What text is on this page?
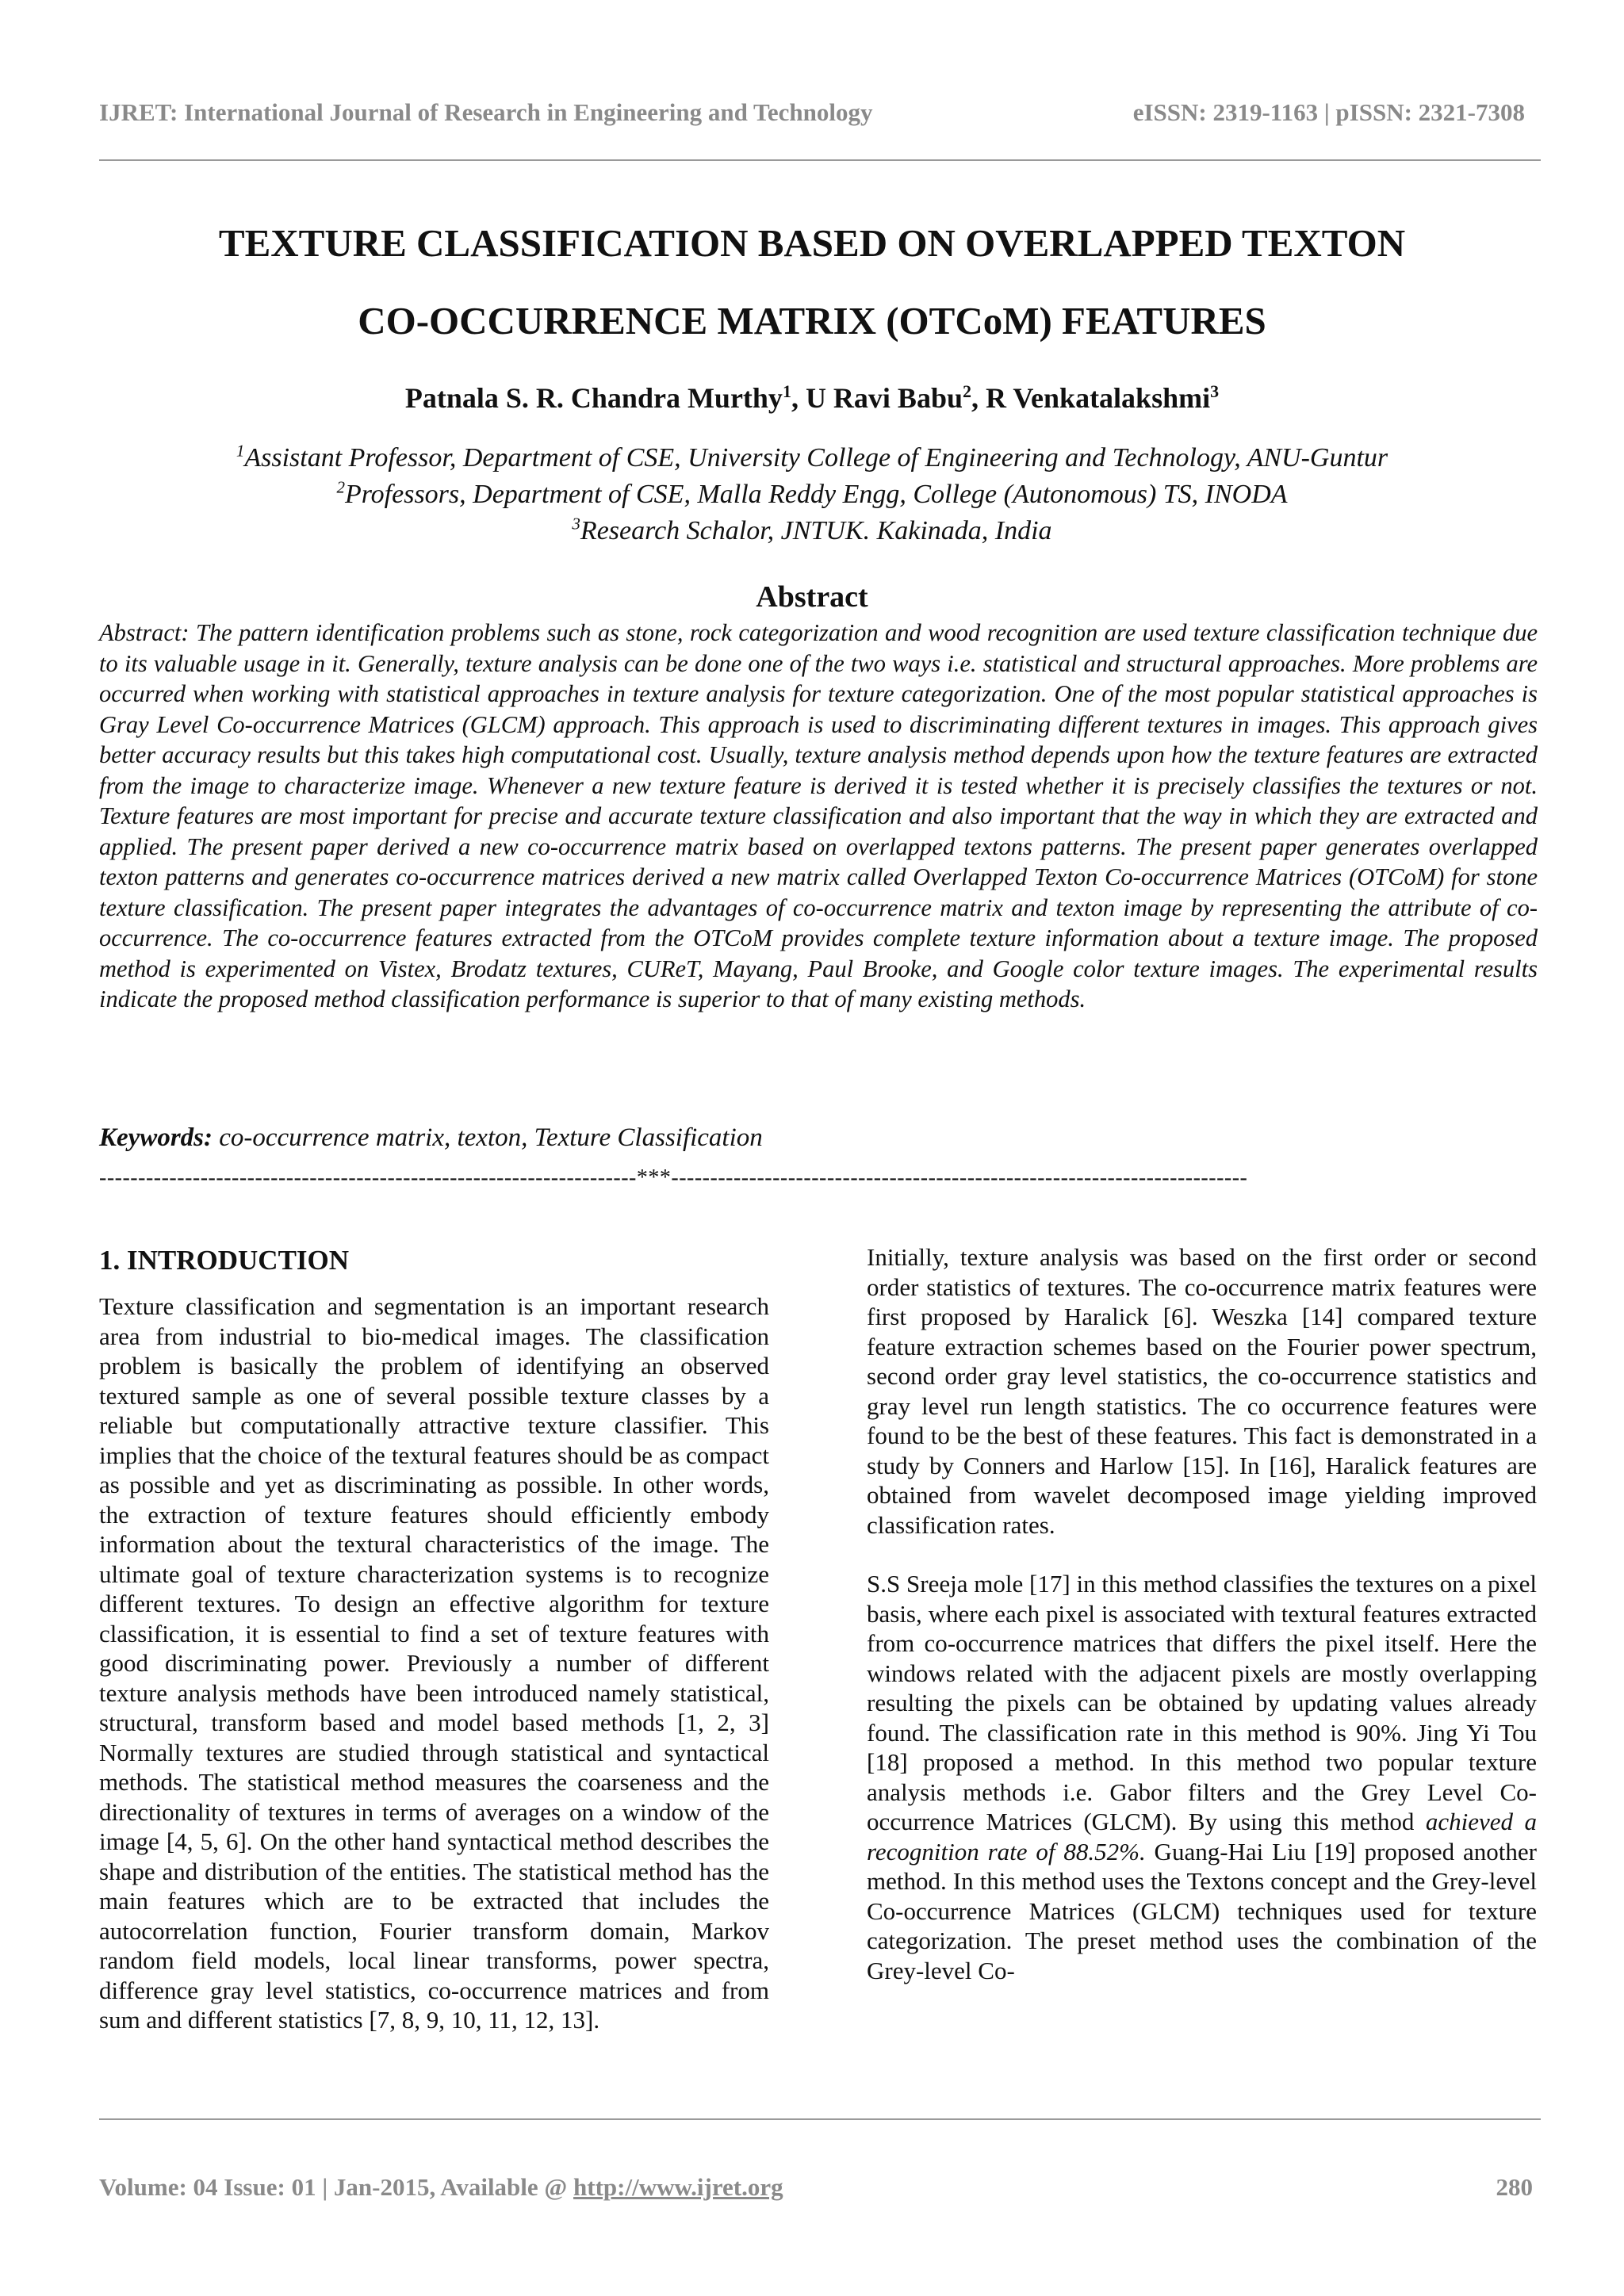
IJRET: International Journal of Research in Engineering and Technology	eISSN: 2319-1163 | pISSN: 2321-7308
TEXTURE CLASSIFICATION BASED ON OVERLAPPED TEXTON
CO-OCCURRENCE MATRIX (OTCoM) FEATURES
Patnala S. R. Chandra Murthy$^1$, U Ravi Babu$^2$, R Venkatalakshmi$^3$
$^1$Assistant Professor, Department of CSE, University College of Engineering and Technology, ANU-Guntur
$^2$Professors, Department of CSE, Malla Reddy Engg, College (Autonomous) TS, INODA
$^3$Research Schalor, JNTUK. Kakinada, India
Abstract
Abstract: The pattern identification problems such as stone, rock categorization and wood recognition are used texture classification technique due to its valuable usage in it. Generally, texture analysis can be done one of the two ways i.e. statistical and structural approaches. More problems are occurred when working with statistical approaches in texture analysis for texture categorization. One of the most popular statistical approaches is Gray Level Co-occurrence Matrices (GLCM) approach. This approach is used to discriminating different textures in images. This approach gives better accuracy results but this takes high computational cost. Usually, texture analysis method depends upon how the texture features are extracted from the image to characterize image. Whenever a new texture feature is derived it is tested whether it is precisely classifies the textures or not. Texture features are most important for precise and accurate texture classification and also important that the way in which they are extracted and applied. The present paper derived a new co-occurrence matrix based on overlapped textons patterns. The present paper generates overlapped texton patterns and generates co-occurrence matrices derived a new matrix called Overlapped Texton Co-occurrence Matrices (OTCoM) for stone texture classification. The present paper integrates the advantages of co-occurrence matrix and texton image by representing the attribute of co-occurrence. The co-occurrence features extracted from the OTCoM provides complete texture information about a texture image. The proposed method is experimented on Vistex, Brodatz textures, CUReT, Mayang, Paul Brooke, and Google color texture images. The experimental results indicate the proposed method classification performance is superior to that of many existing methods.
Keywords: co-occurrence matrix, texton, Texture Classification
---------------------------------------------------------------------***--------------------------------------------------------------------------
1. INTRODUCTION

Texture classification and segmentation is an important research area from industrial to bio-medical images. The classification problem is basically the problem of identifying an observed textured sample as one of several possible texture classes by a reliable but computationally attractive texture classifier. This implies that the choice of the textural features should be as compact as possible and yet as discriminating as possible. In other words, the extraction of texture features should efficiently embody information about the textural characteristics of the image. The ultimate goal of texture characterization systems is to recognize different textures. To design an effective algorithm for texture classification, it is essential to find a set of texture features with good discriminating power. Previously a number of different texture analysis methods have been introduced namely statistical, structural, transform based and model based methods [1, 2, 3] Normally textures are studied through statistical and syntactical methods. The statistical method measures the coarseness and the directionality of textures in terms of averages on a window of the image [4, 5, 6]. On the other hand syntactical method describes the shape and distribution of the entities. The statistical method has the main features which are to be extracted that includes the autocorrelation function, Fourier transform domain, Markov random field models, local linear transforms, power spectra, difference gray level statistics, co-occurrence matrices and from sum and different statistics [7, 8, 9, 10, 11, 12, 13].

Initially, texture analysis was based on the first order or second order statistics of textures. The co-occurrence matrix features were first proposed by Haralick [6]. Weszka [14] compared texture feature extraction schemes based on the Fourier power spectrum, second order gray level statistics, the co-occurrence statistics and gray level run length statistics. The co occurrence features were found to be the best of these features. This fact is demonstrated in a study by Conners and Harlow [15]. In [16], Haralick features are obtained from wavelet decomposed image yielding improved classification rates.

S.S Sreeja mole [17] in this method classifies the textures on a pixel basis, where each pixel is associated with textural features extracted from co-occurrence matrices that differs the pixel itself. Here the windows related with the adjacent pixels are mostly overlapping resulting the pixels can be obtained by updating values already found. The classification rate in this method is 90%. Jing Yi Tou [18] proposed a method. In this method two popular texture analysis methods i.e. Gabor filters and the Grey Level Co-occurrence Matrices (GLCM). By using this method achieved a recognition rate of 88.52%. Guang-Hai Liu [19] proposed another method. In this method uses the Textons concept and the Grey-level Co-occurrence Matrices (GLCM) techniques used for texture categorization. The preset method uses the combination of the Grey-level Co-

Volume: 04 Issue: 01 | Jan-2015, Available @ http://www.ijret.org	280
